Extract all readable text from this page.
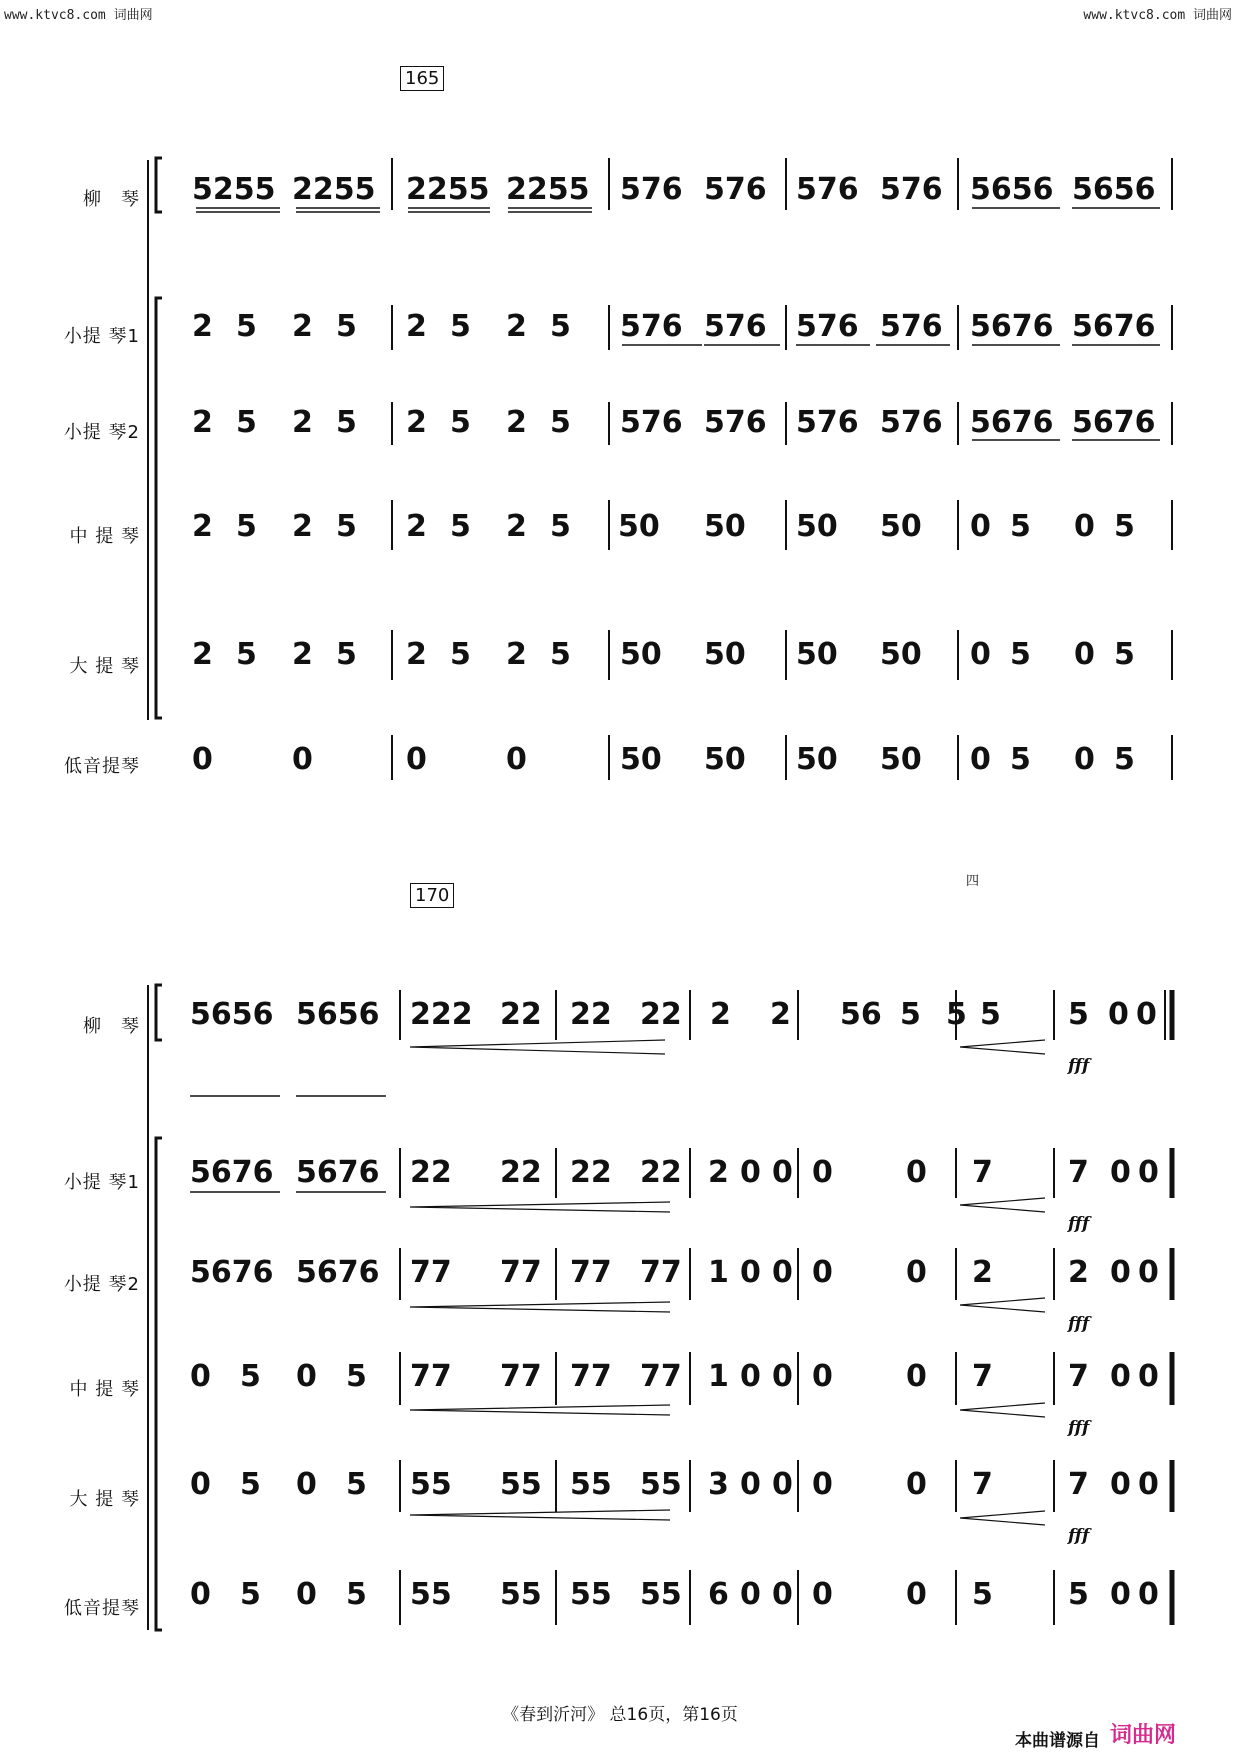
www.ktvc8.com 词曲网	www.ktvc8.com 词曲网
柳　琴
小提 琴1
小提 琴2
中 提 琴
大 提 琴
低音提琴
柳　琴
小提 琴1
小提 琴2
中 提 琴
大 提 琴
低音提琴
165
170
5255 2255 2255 2255 576 576 576 576 5656 5656
2 5 2 5 2 5 2 5 576 576 576 576 5676 5676
2 5 2 5 2 5 2 5 576 576 576 576 5676 5676
2 5 2 5 2 5 2 5 50 50 50 50 0 5 0 5
2 5 2 5 2 5 2 5 50 50 50 50 0 5 0 5
0	0	0	0	50 50 50 50 0 5 0 5
5656 5656 222 22 22 22 2 2 56 5 5 5 5 0 0
5676 5676 22 22 22 22 2 0 0 0 0 7	7 0 0
5676 5676 77 77 77 77 1 0 0 0 0 2	2 0 0
0 5 0 5 77 77 77 77 1 0 0 0 0 7	7 0 0
0 5 0 5 55 55 55 55 3 0 0 0 0 7	7 0 0
0 5 0 5 55 55 55 55 6 0 0 0 0 5	5 0 0
fff
fff
fff
fff
fff
四
《春到沂河》 总16页，第16页
本曲谱源自 词曲网
